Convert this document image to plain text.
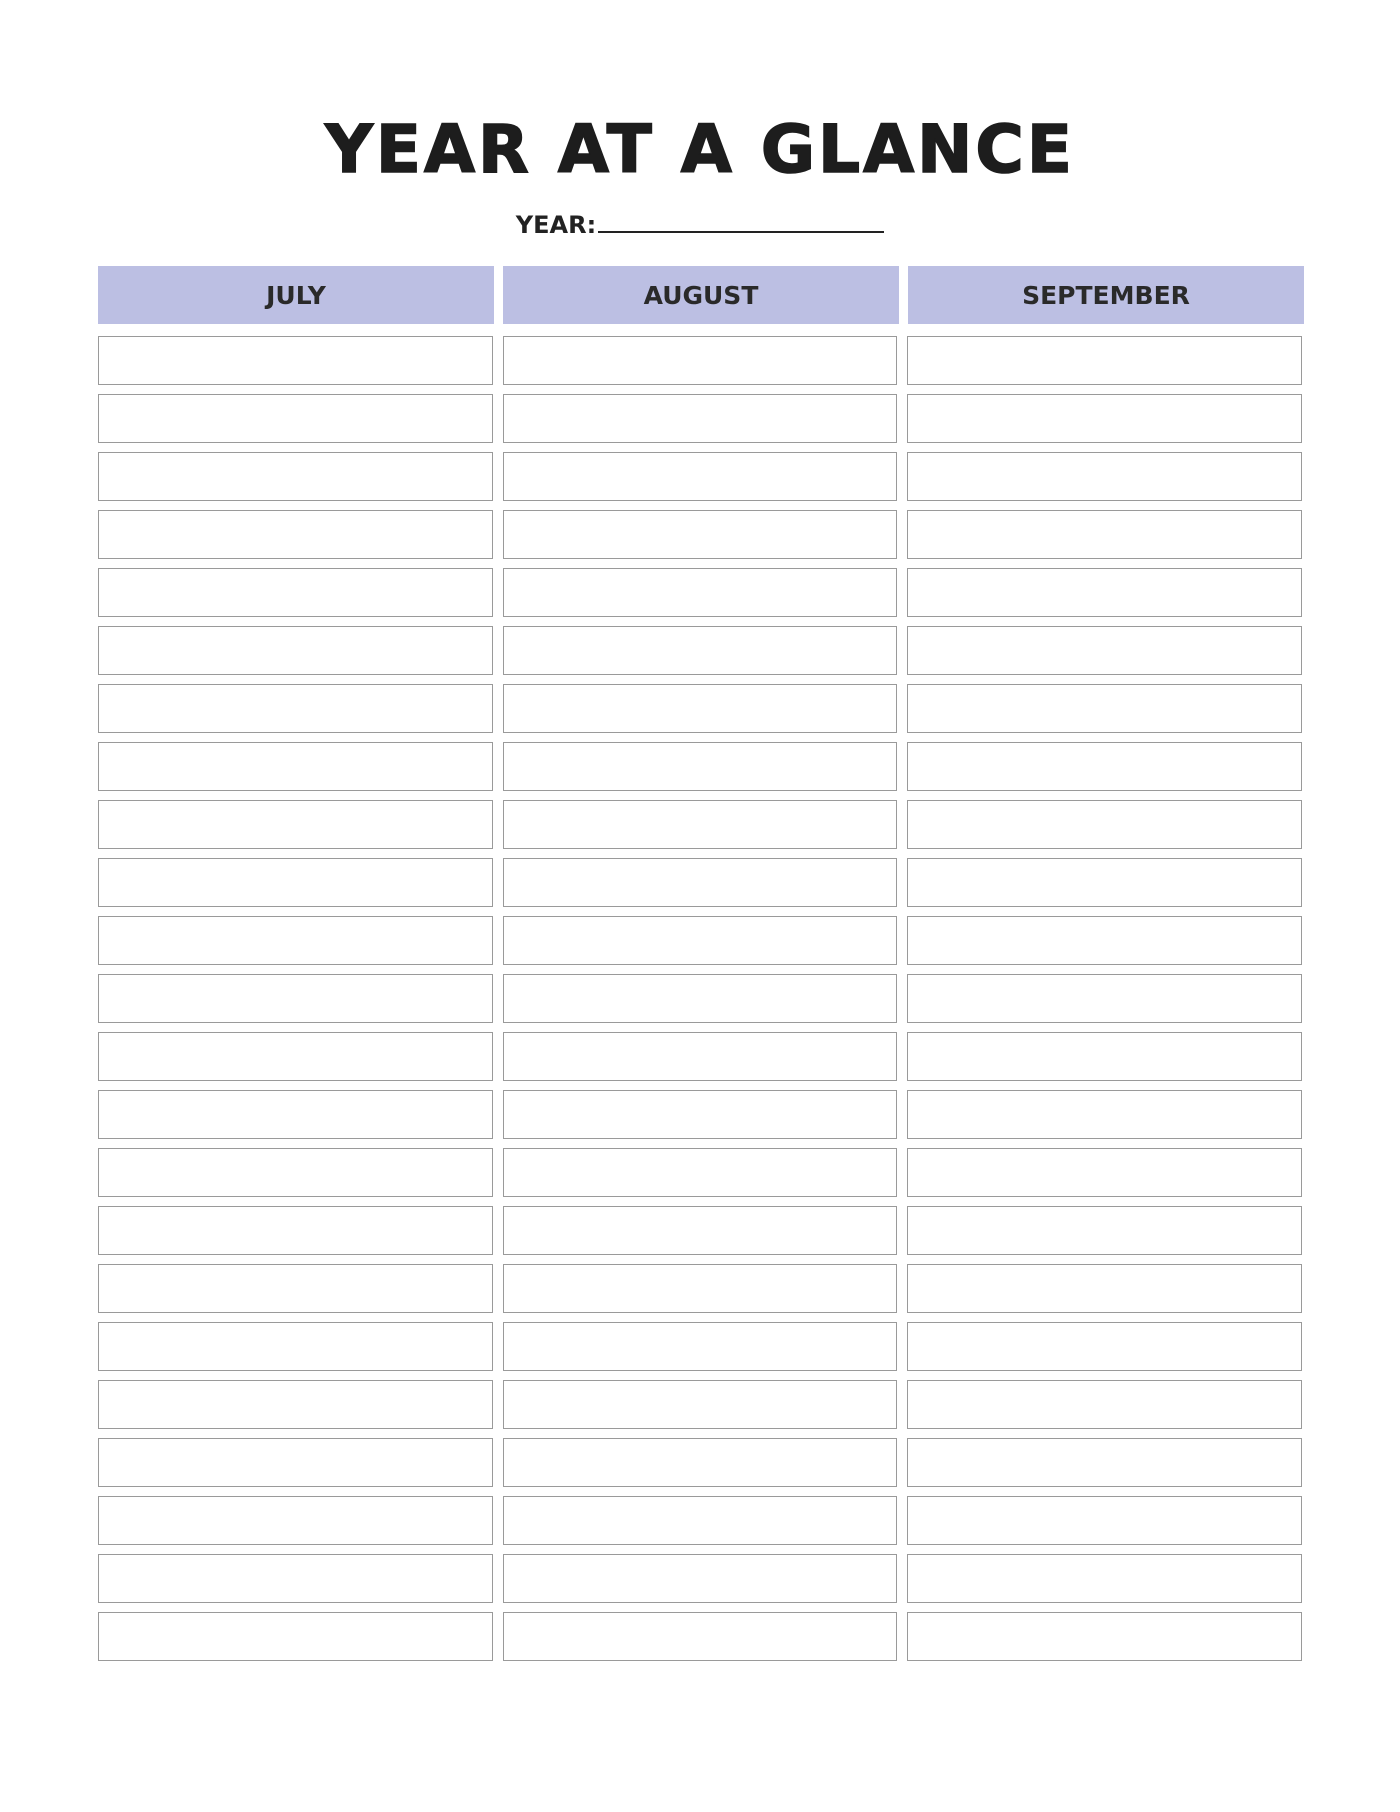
YEAR AT A GLANCE
YEAR:
JULY	AUGUST	SEPTEMBER
